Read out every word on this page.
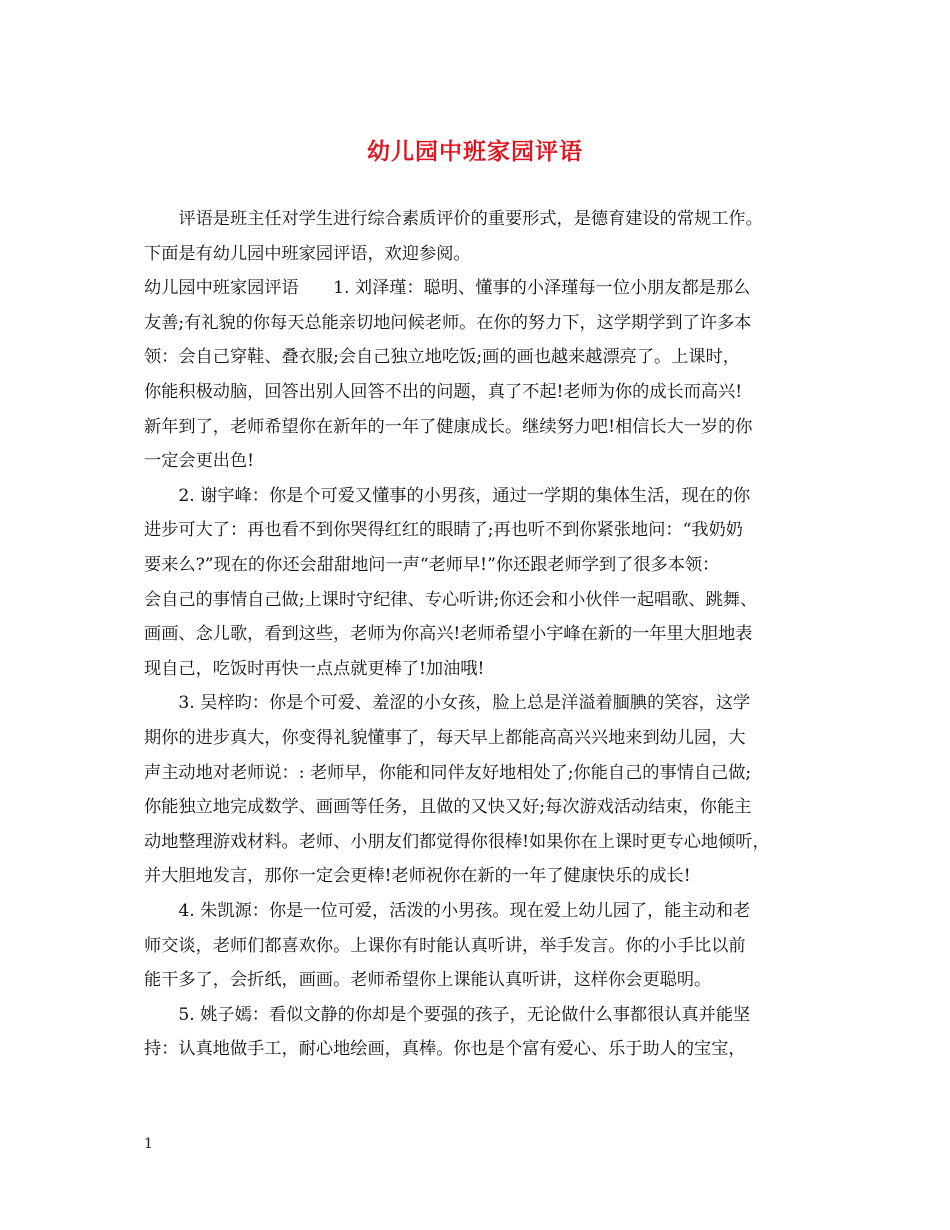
幼儿园中班家园评语
　　评语是班主任对学生进行综合素质评价的重要形式，是德育建设的常规工作。
下面是有幼儿园中班家园评语，欢迎参阅。
幼儿园中班家园评语　　1. 刘泽瑾：聪明、懂事的小泽瑾每一位小朋友都是那么
友善;有礼貌的你每天总能亲切地问候老师。在你的努力下，这学期学到了许多本
领：会自己穿鞋、叠衣服;会自己独立地吃饭;画的画也越来越漂亮了。上课时，
你能积极动脑，回答出别人回答不出的问题，真了不起!老师为你的成长而高兴!
新年到了，老师希望你在新年的一年了健康成长。继续努力吧!相信长大一岁的你
一定会更出色!
　　2. 谢宇峰：你是个可爱又懂事的小男孩，通过一学期的集体生活，现在的你
进步可大了：再也看不到你哭得红红的眼睛了;再也听不到你紧张地问：“我奶奶
要来么?”现在的你还会甜甜地问一声“老师早!”你还跟老师学到了很多本领：
会自己的事情自己做;上课时守纪律、专心听讲;你还会和小伙伴一起唱歌、跳舞、
画画、念儿歌，看到这些，老师为你高兴!老师希望小宇峰在新的一年里大胆地表
现自己，吃饭时再快一点点就更棒了!加油哦!
　　3. 吴梓昀：你是个可爱、羞涩的小女孩，脸上总是洋溢着腼腆的笑容，这学
期你的进步真大，你变得礼貌懂事了，每天早上都能高高兴兴地来到幼儿园，大
声主动地对老师说：: 老师早，你能和同伴友好地相处了;你能自己的事情自己做;
你能独立地完成数学、画画等任务，且做的又快又好;每次游戏活动结束，你能主
动地整理游戏材料。老师、小朋友们都觉得你很棒!如果你在上课时更专心地倾听，
并大胆地发言，那你一定会更棒!老师祝你在新的一年了健康快乐的成长!
　　4. 朱凯源：你是一位可爱，活泼的小男孩。现在爱上幼儿园了，能主动和老
师交谈，老师们都喜欢你。上课你有时能认真听讲，举手发言。你的小手比以前
能干多了，会折纸，画画。老师希望你上课能认真听讲，这样你会更聪明。
　　5. 姚子嫣：看似文静的你却是个要强的孩子，无论做什么事都很认真并能坚
持：认真地做手工，耐心地绘画，真棒。你也是个富有爱心、乐于助人的宝宝，
1
